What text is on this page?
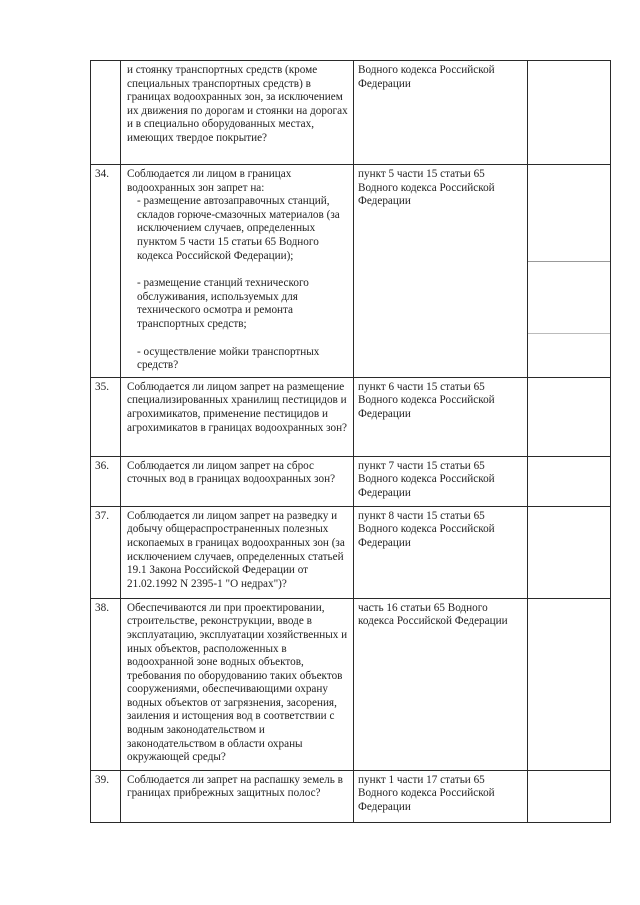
	и стоянку транспортных средств (кроме специальных транспортных средств) в границах водоохранных зон, за исключением их движения по дорогам и стоянки на дорогах и в специально оборудованных местах, имеющих твердое покрытие?	Водного кодекса Российской Федерации	
34.	Соблюдается ли лицом в границах водоохранных зон запрет на:
- размещение автозаправочных станций, складов горюче-смазочных материалов (за исключением случаев, определенных пунктом 5 части 15 статьи 65 Водного кодекса Российской Федерации);
- размещение станций технического обслуживания, используемых для технического осмотра и ремонта транспортных средств;
- осуществление мойки транспортных средств?	пункт 5 части 15 статьи 65 Водного кодекса Российской Федерации	

35.	Соблюдается ли лицом запрет на размещение специализированных хранилищ пестицидов и агрохимикатов, применение пестицидов и агрохимикатов в границах водоохранных зон?	пункт 6 части 15 статьи 65 Водного кодекса Российской Федерации	
36.	Соблюдается ли лицом запрет на сброс сточных вод в границах водоохранных зон?	пункт 7 части 15 статьи 65 Водного кодекса Российской Федерации	
37.	Соблюдается ли лицом запрет на разведку и добычу общераспространенных полезных ископаемых в границах водоохранных зон (за исключением случаев, определенных статьей 19.1 Закона Российской Федерации от 21.02.1992 N 2395-1 "О недрах")?	пункт 8 части 15 статьи 65 Водного кодекса Российской Федерации	
38.	Обеспечиваются ли при проектировании, строительстве, реконструкции, вводе в эксплуатацию, эксплуатации хозяйственных и иных объектов, расположенных в водоохранной зоне водных объектов, требования по оборудованию таких объектов сооружениями, обеспечивающими охрану водных объектов от загрязнения, засорения, заиления и истощения вод в соответствии с водным законодательством и законодательством в области охраны окружающей среды?	часть 16 статьи 65 Водного кодекса Российской Федерации	
39.	Соблюдается ли запрет на распашку земель в границах прибрежных защитных полос?	пункт 1 части 17 статьи 65 Водного кодекса Российской Федерации	
